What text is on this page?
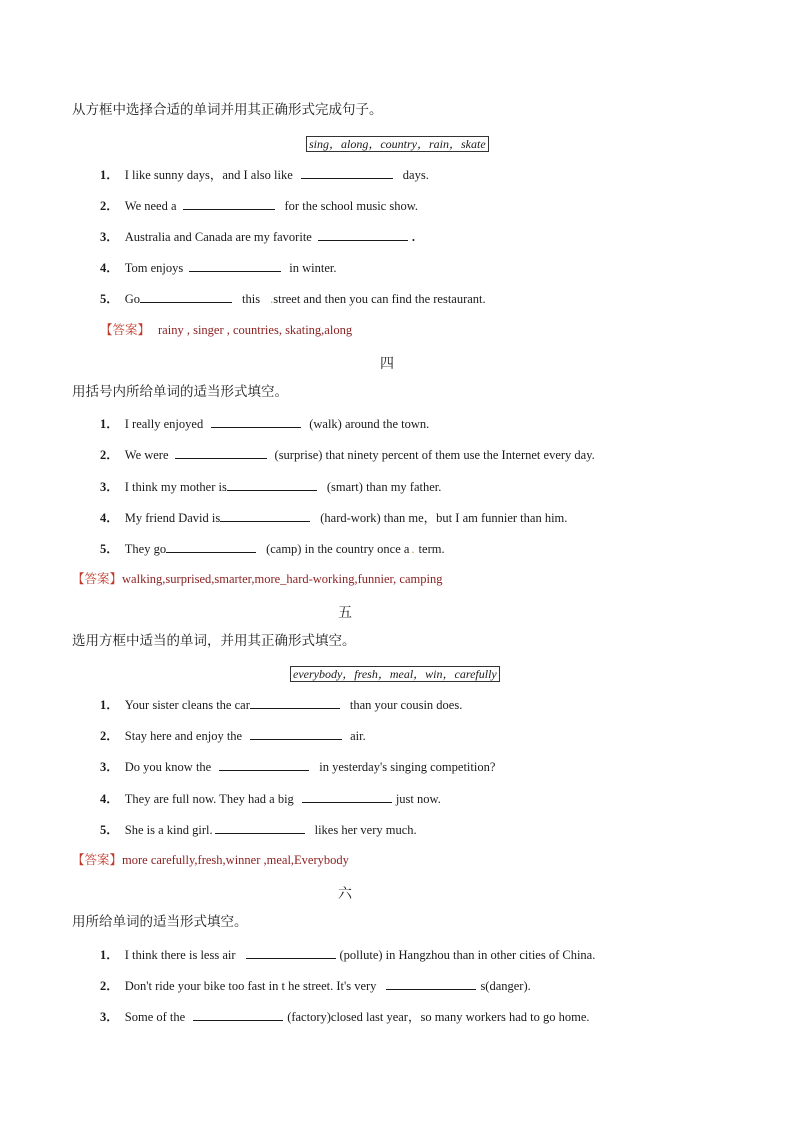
从方框中选择合适的单词并用其正确形式完成句子。
sing，along，country，rain，skate
1． I like sunny days，and I also like	days.
2． We need a	for the school music show.
3． Australia and Canada are my favorite	.
4． Tom enjoys	in winter.
5． Go	this .street and then you can find the restaurant.
【答案】 rainy , singer , countries, skating,along
四
用括号内所给单词的适当形式填空。
1． I really enjoyed	(walk) around the town.
2． We were	(surprise) that ninety percent of them use the Internet every day.
3． I think my mother is	(smart) than my father.
4． My friend David is	(hard-work) than me，but I am funnier than him.
5． They go	(camp) in the country once a . term.
【答案】walking,surprised,smarter,more_hard-working,funnier, camping
五
选用方框中适当的单词，并用其正确形式填空。
everybody，fresh，meal，win，carefully
1． Your sister cleans the car	than your cousin does.
2． Stay here and enjoy the	air.
3． Do you know the	in yesterday's singing competition?
4． They are full now. They had a big	just now.
5． She is a kind girl.	likes her very much.
【答案】more carefully,fresh,winner ,meal,Everybody
六
用所给单词的适当形式填空。
1． I think there is less air	(pollute) in Hangzhou than in other cities of China.
2． Don't ride your bike too fast in t he street. It's very	s(danger).
3． Some of the	(factory)closed last year，so many workers had to go home.
